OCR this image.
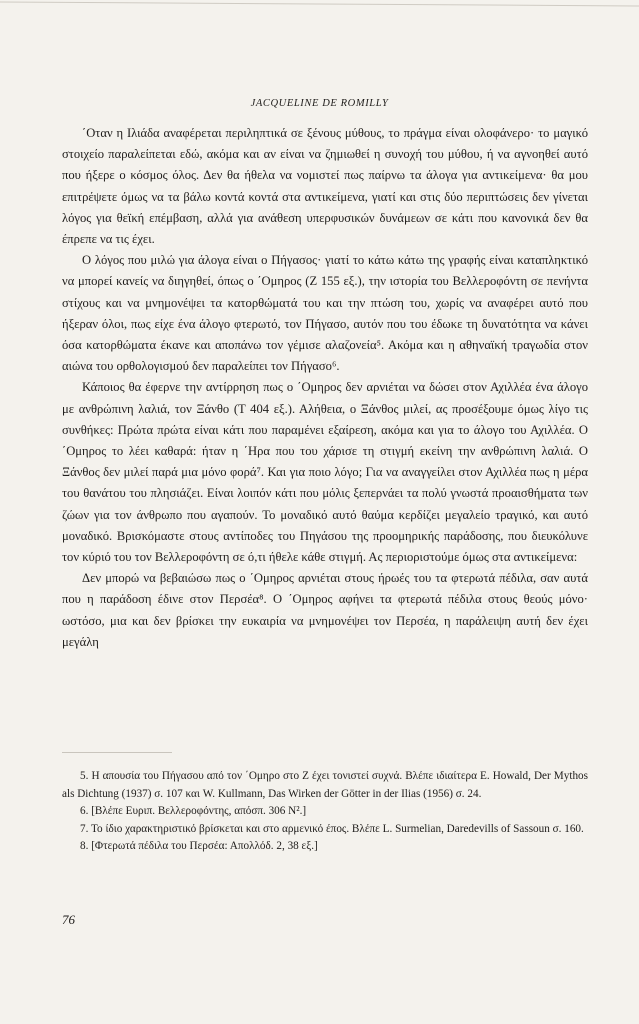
JACQUELINE DE ROMILLY

΄Οταν η Ιλιάδα αναφέρεται περιληπτικά σε ξένους μύθους, το πράγμα είναι ολοφάνερο· το μαγικό στοιχείο παραλείπεται εδώ, ακόμα και αν είναι να ζημιωθεί η συνοχή του μύθου, ή να αγνοηθεί αυτό που ήξερε ο κόσμος όλος. Δεν θα ήθελα να νομιστεί πως παίρνω τα άλογα για αντικείμενα· θα μου επιτρέψετε όμως να τα βάλω κοντά κοντά στα αντικείμενα, γιατί και στις δύο περιπτώσεις δεν γίνεται λόγος για θεϊκή επέμβαση, αλλά για ανάθεση υπερφυσικών δυνάμεων σε κάτι που κανονικά δεν θα έπρεπε να τις έχει.

Ο λόγος που μιλώ για άλογα είναι ο Πήγασος· γιατί το κάτω κάτω της γραφής είναι καταπληκτικό να μπορεί κανείς να διηγηθεί, όπως ο ΄Ομηρος (Ζ 155 εξ.), την ιστορία του Βελλεροφόντη σε πενήντα στίχους και να μνημονέψει τα κατορθώματά του και την πτώση του, χωρίς να αναφέρει αυτό που ήξεραν όλοι, πως είχε ένα άλογο φτερωτό, τον Πήγασο, αυτόν που του έδωκε τη δυνατότητα να κάνει όσα κατορθώματα έκανε και αποπάνω τον γέμισε αλαζονεία⁵. Ακόμα και η αθηναϊκή τραγωδία στον αιώνα του ορθολογισμού δεν παραλείπει τον Πήγασο⁶.

Κάποιος θα έφερνε την αντίρρηση πως ο ΄Ομηρος δεν αρνιέται να δώσει στον Αχιλλέα ένα άλογο με ανθρώπινη λαλιά, τον Ξάνθο (Τ 404 εξ.). Αλήθεια, ο Ξάνθος μιλεί, ας προσέξουμε όμως λίγο τις συνθήκες: Πρώτα πρώτα είναι κάτι που παραμένει εξαίρεση, ακόμα και για το άλογο του Αχιλλέα. Ο ΄Ομηρος το λέει καθαρά: ήταν η ΄Ηρα που του χάρισε τη στιγμή εκείνη την ανθρώπινη λαλιά. Ο Ξάνθος δεν μιλεί παρά μια μόνο φορά⁷. Και για ποιο λόγο; Για να αναγγείλει στον Αχιλλέα πως η μέρα του θανάτου του πλησιάζει. Είναι λοιπόν κάτι που μόλις ξεπερνάει τα πολύ γνωστά προαισθήματα των ζώων για τον άνθρωπο που αγαπούν. Το μοναδικό αυτό θαύμα κερδίζει μεγαλείο τραγικό, και αυτό μοναδικό. Βρισκόμαστε στους αντίποδες του Πηγάσου της προομηρικής παράδοσης, που διευκόλυνε τον κύριό του τον Βελλεροφόντη σε ό,τι ήθελε κάθε στιγμή. Ας περιοριστούμε όμως στα αντικείμενα:

Δεν μπορώ να βεβαιώσω πως ο ΄Ομηρος αρνιέται στους ήρωές του τα φτερωτά πέδιλα, σαν αυτά που η παράδοση έδινε στον Περσέα⁸. Ο ΄Ομηρος αφήνει τα φτερωτά πέδιλα στους θεούς μόνο· ωστόσο, μια και δεν βρίσκει την ευκαιρία να μνημονέψει τον Περσέα, η παράλειψη αυτή δεν έχει μεγάλη

5. Η απουσία του Πήγασου από τον ΄Ομηρο στο Ζ έχει τονιστεί συχνά. Βλέπε ιδιαίτερα E. Howald, Der Mythos als Dichtung (1937) σ. 107 και W. Kullmann, Das Wirken der Götter in der Ilias (1956) σ. 24.

6. [Βλέπε Ευριπ. Βελλεροφόντης, απόσπ. 306 N².]

7. Το ίδιο χαρακτηριστικό βρίσκεται και στο αρμενικό έπος. Βλέπε L. Surmelian, Daredevills of Sassoun σ. 160.

8. [Φτερωτά πέδιλα του Περσέα: Απολλόδ. 2, 38 εξ.]

76
